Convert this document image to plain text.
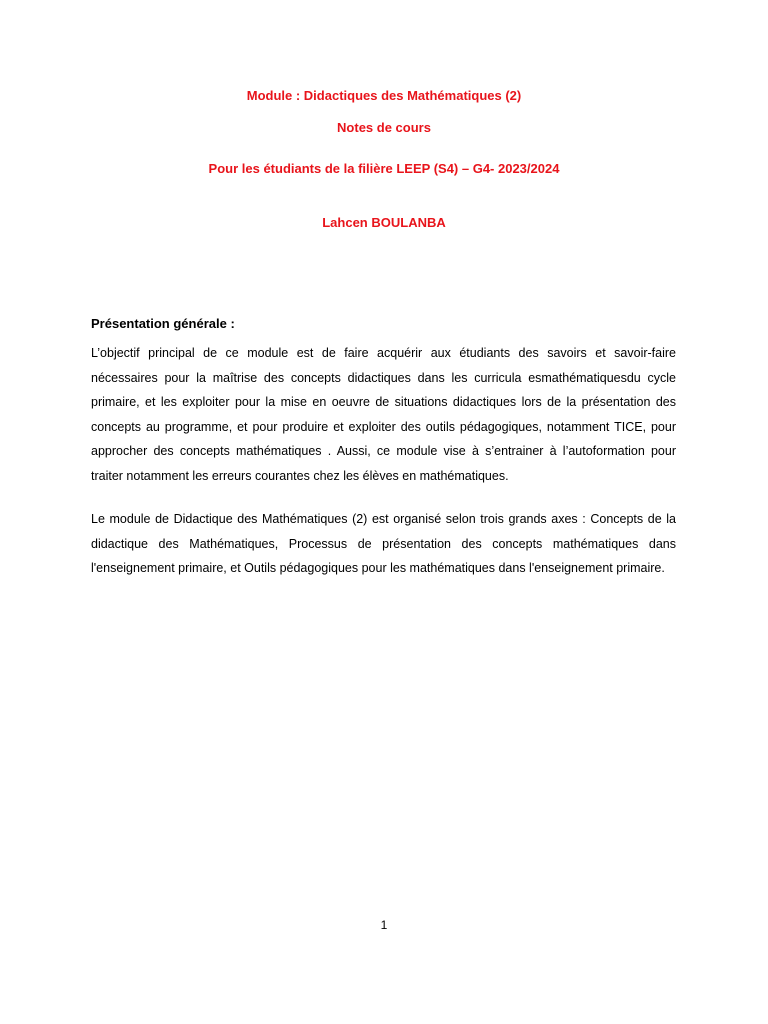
Module : Didactiques des Mathématiques (2)
Notes de cours
Pour les étudiants de la filière LEEP (S4) – G4- 2023/2024
Lahcen BOULANBA
Présentation générale :

L’objectif principal de ce module est de faire acquérir aux étudiants des savoirs et savoir-faire nécessaires pour la maîtrise des concepts didactiques dans les curricula esmathématiquesdu cycle primaire, et les exploiter pour la mise en oeuvre de situations didactiques lors de la présentation des concepts au programme, et pour produire et exploiter des outils pédagogiques, notamment TICE, pour approcher des concepts mathématiques . Aussi, ce module vise à s’entrainer à l’autoformation pour traiter notamment les erreurs courantes chez les élèves en mathématiques.

Le module de Didactique des Mathématiques (2) est organisé selon trois grands axes : Concepts de la didactique des Mathématiques, Processus de présentation des concepts mathématiques dans l'enseignement primaire, et Outils pédagogiques pour les mathématiques dans l'enseignement primaire.

1
